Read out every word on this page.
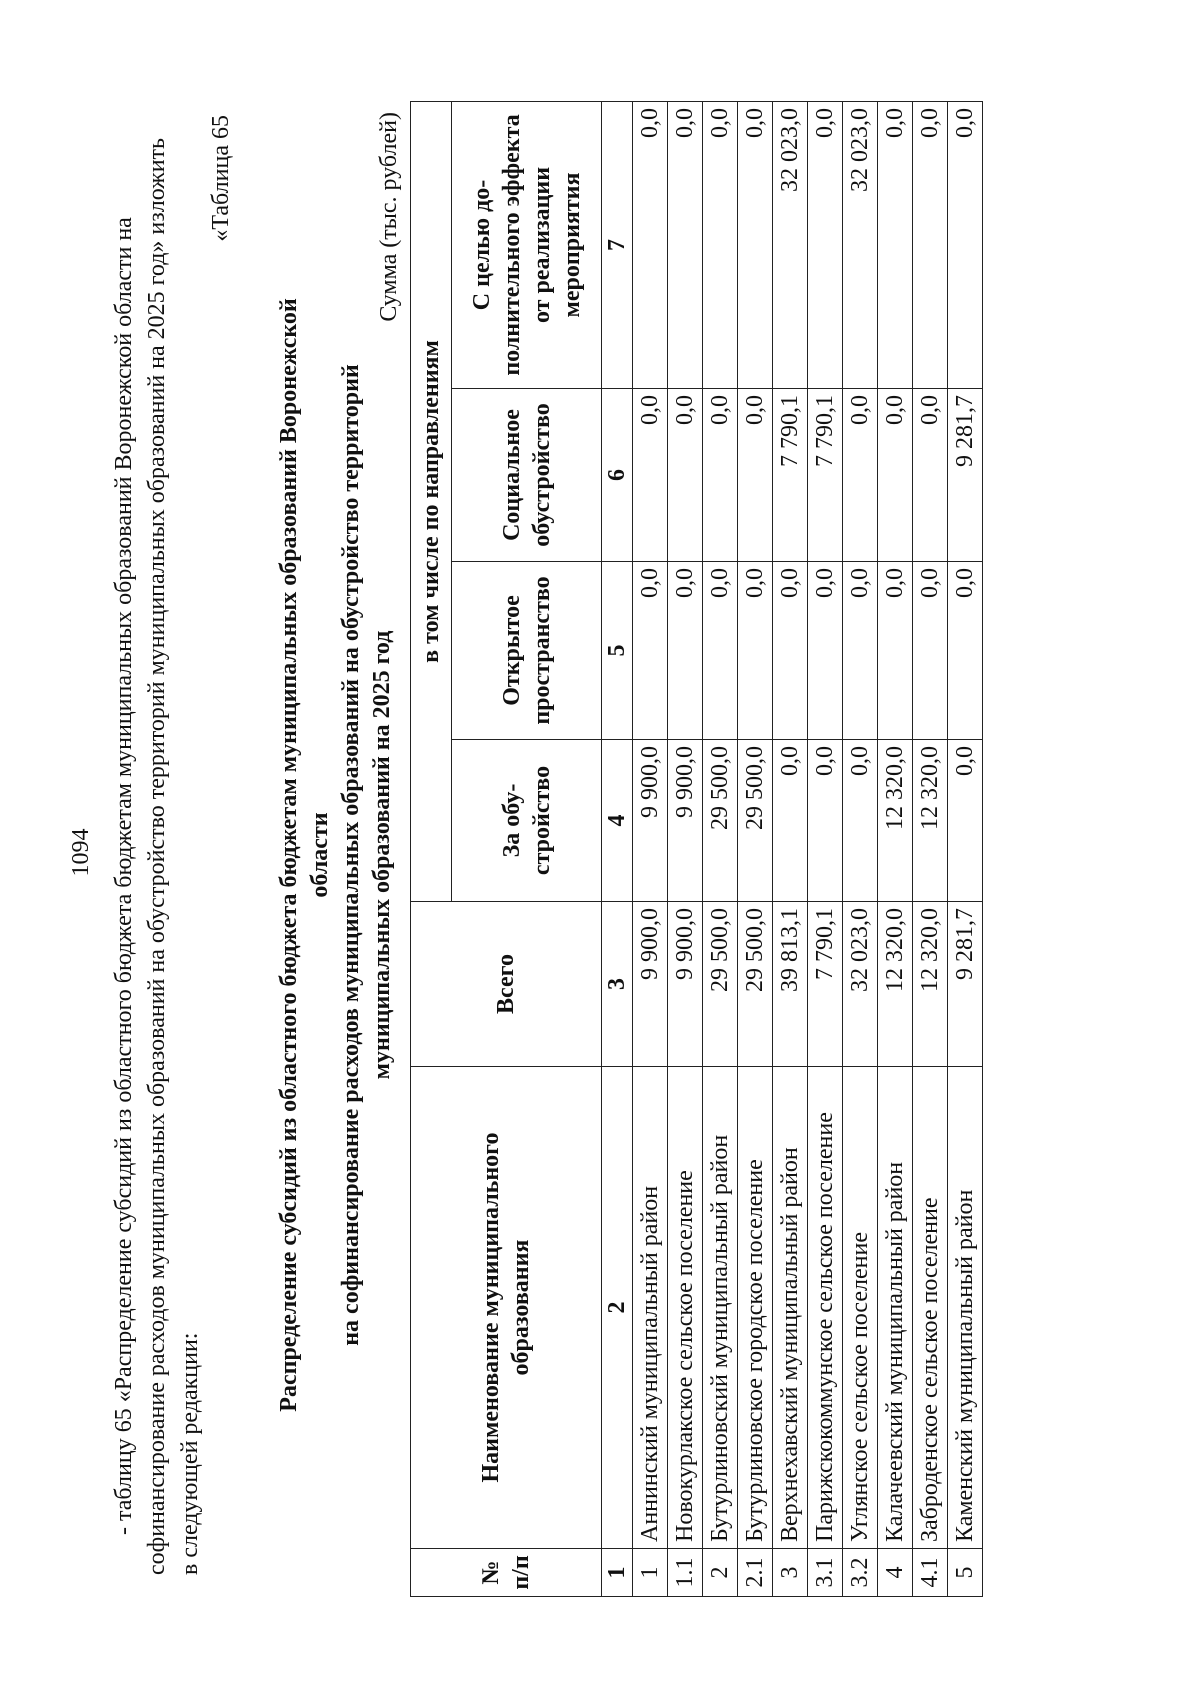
1094 - таблицу 65 «Распределение субсидий из областного бюджета бюджетам муниципальных образований Воронежской области на софинансирование расходов муниципальных образований на обустройство территорий муниципальных образований на 2025 год» изложить в следующей редакции:

«Таблица 65

Распределение субсидий из областного бюджета бюджетам муниципальных образований Воронежской области на софинансирование расходов муниципальных образований на обустройство территорий муниципальных образований на 2025 год

Сумма (тыс. рублей)
№ п/п	Наименование муниципального образования	Всего	в том числе по направлениям			
			За обу-стройство	Открытое пространство	Социальное обустройство	С целью до-полнительного эффекта от реализации мероприятия
1	2	3	4	5	6	7
1	Аннинский муниципальный район	9 900,0	9 900,0	0,0	0,0	0,0
1.1	Новокурлакское сельское поселение	9 900,0	9 900,0	0,0	0,0	0,0
2	Бутурлиновский муниципальный район	29 500,0	29 500,0	0,0	0,0	0,0
2.1	Бутурлиновское городское поселение	29 500,0	29 500,0	0,0	0,0	0,0
3	Верхнехавский муниципальный район	39 813,1	0,0	0,0	7 790,1	32 023,0
3.1	Парижскокоммунское сельское поселение	7 790,1	0,0	0,0	7 790,1	0,0
3.2	Углянское сельское поселение	32 023,0	0,0	0,0	0,0	32 023,0
4	Калачеевский муниципальный район	12 320,0	12 320,0	0,0	0,0	0,0
4.1	Заброденское сельское поселение	12 320,0	12 320,0	0,0	0,0	0,0
5	Каменский муниципальный район	9 281,7	0,0	0,0	9 281,7	0,0
